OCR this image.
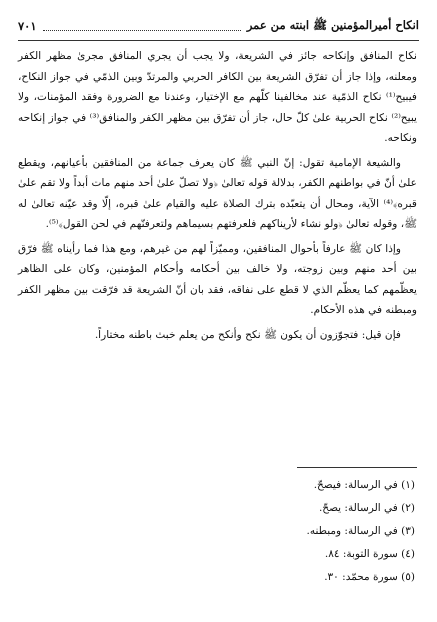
انكاح أميرالمؤمنين ﷺ ابنته من عمر
٧٠١

نكاح المنافق وإنكاحه جائز في الشريعة، ولا يجب أن يجري المنافق مجرىٰ مظهر الكفر ومعلنه، وإذا جاز أن تفرّق الشريعة بين الكافر الحربي والمرتدّ وبين الذمّي في جواز النكاح، فيبيح⁽¹⁾ نكاح الذمّية عند مخالفينا كلّهم مع الإختيار، وعندنا مع الضرورة وفقد المؤمنات، ولا يبيح⁽²⁾ نكاح الحربية علىٰ كلّ حال، جاز أن تفرّق بين مظهر الكفر والمنافق⁽³⁾ في جواز إنكاحه ونكاحه.

والشيعة الإمامية تقول: إنّ النبي ﷺ كان يعرف جماعة من المنافقين بأعيانهم، ويقطع علىٰ أنّ في بواطنهم الكفر، بدلالة قوله تعالىٰ ﴿ولا تصلّ علىٰ أحد منهم مات أبداً ولا تقم علىٰ قبره﴾⁽⁴⁾ الآية، ومحال أن يتعبّده بترك الصلاة عليه والقيام علىٰ قبره، إلّا وقد عيّنه تعالىٰ له ﷺ، وقوله تعالىٰ ﴿ولو نشاء لأريناكهم فلعرفتهم بسيماهم ولتعرفنّهم في لحن القول﴾⁽⁵⁾.

وإذا كان ﷺ عارفاً بأحوال المنافقين، ومميّزاً لهم من غيرهم، ومع هذا فما رأيناه ﷺ فرّق بين أحد منهم وبين زوجته، ولا خالف بين أحكامه وأحكام المؤمنين، وكان على الظاهر يعظّمهم كما يعظّم الذي لا قطع على نفاقه، فقد بان أنّ الشريعة قد فرّقت بين مظهر الكفر ومبطنه في هذه الأحكام.

فإن قيل: فتجوّزون أن يكون ﷺ نكح وأنكح من يعلم خبث باطنه مختاراً.

(١) في الرسالة: فيصحّ.
(٢) في الرسالة: يصحّ.
(٣) في الرسالة: ومبطنه.
(٤) سورة التوبة: ٨٤.
(٥) سورة محمّد: ٣٠.
